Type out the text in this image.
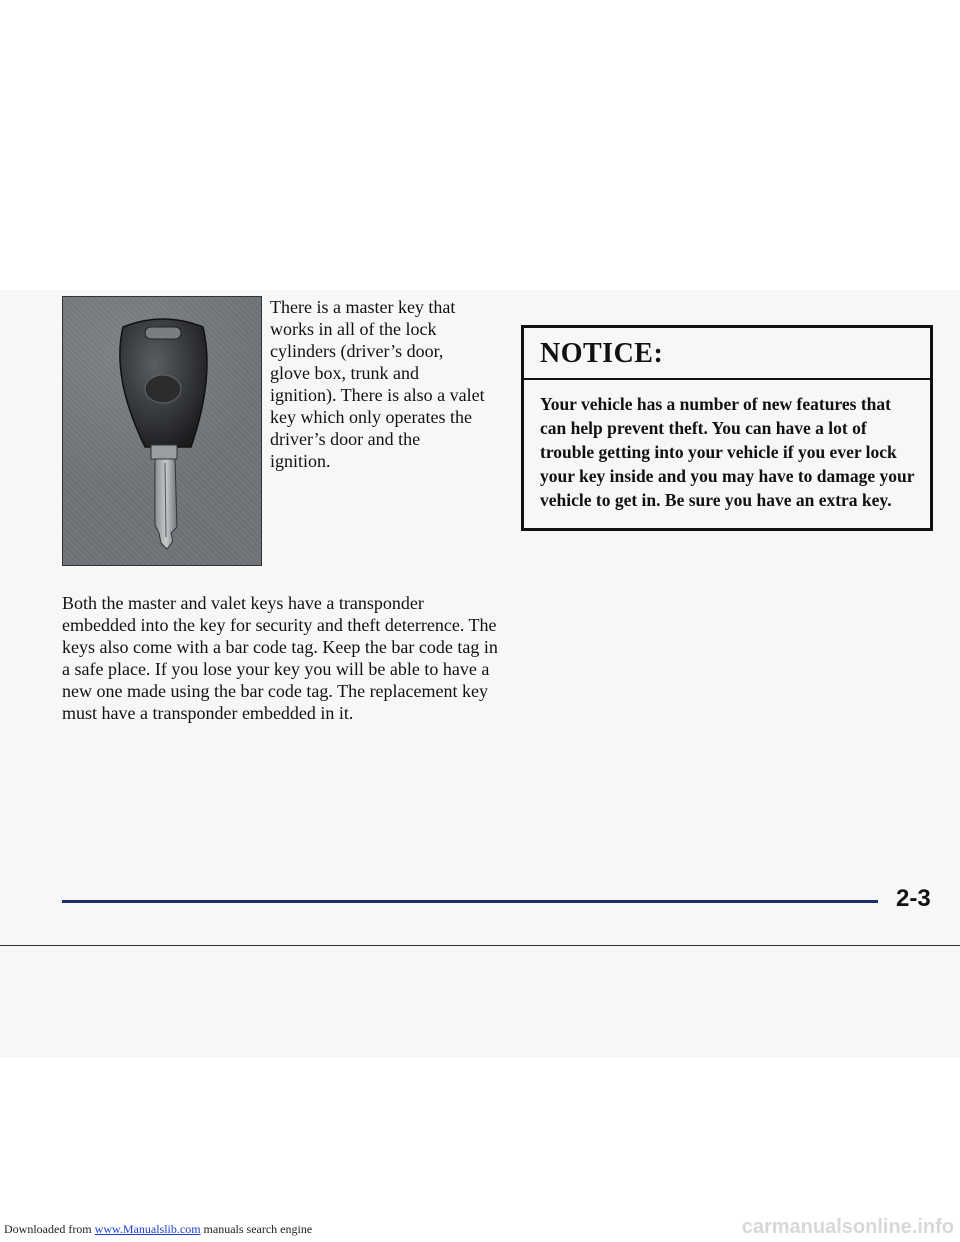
There is a master key that works in all of the lock cylinders (driver’s door, glove box, trunk and ignition). There is also a valet key which only operates the driver’s door and the ignition.

NOTICE:
Your vehicle has a number of new features that can help prevent theft. You can have a lot of trouble getting into your vehicle if you ever lock your key inside and you may have to damage your vehicle to get in. Be sure you have an extra key.

Both the master and valet keys have a transponder embedded into the key for security and theft deterrence. The keys also come with a bar code tag. Keep the bar code tag in a safe place. If you lose your key you will be able to have a new one made using the bar code tag. The replacement key must have a transponder embedded in it.

2-3
Downloaded from www.Manualslib.com manuals search engine	carmanualsonline.info
